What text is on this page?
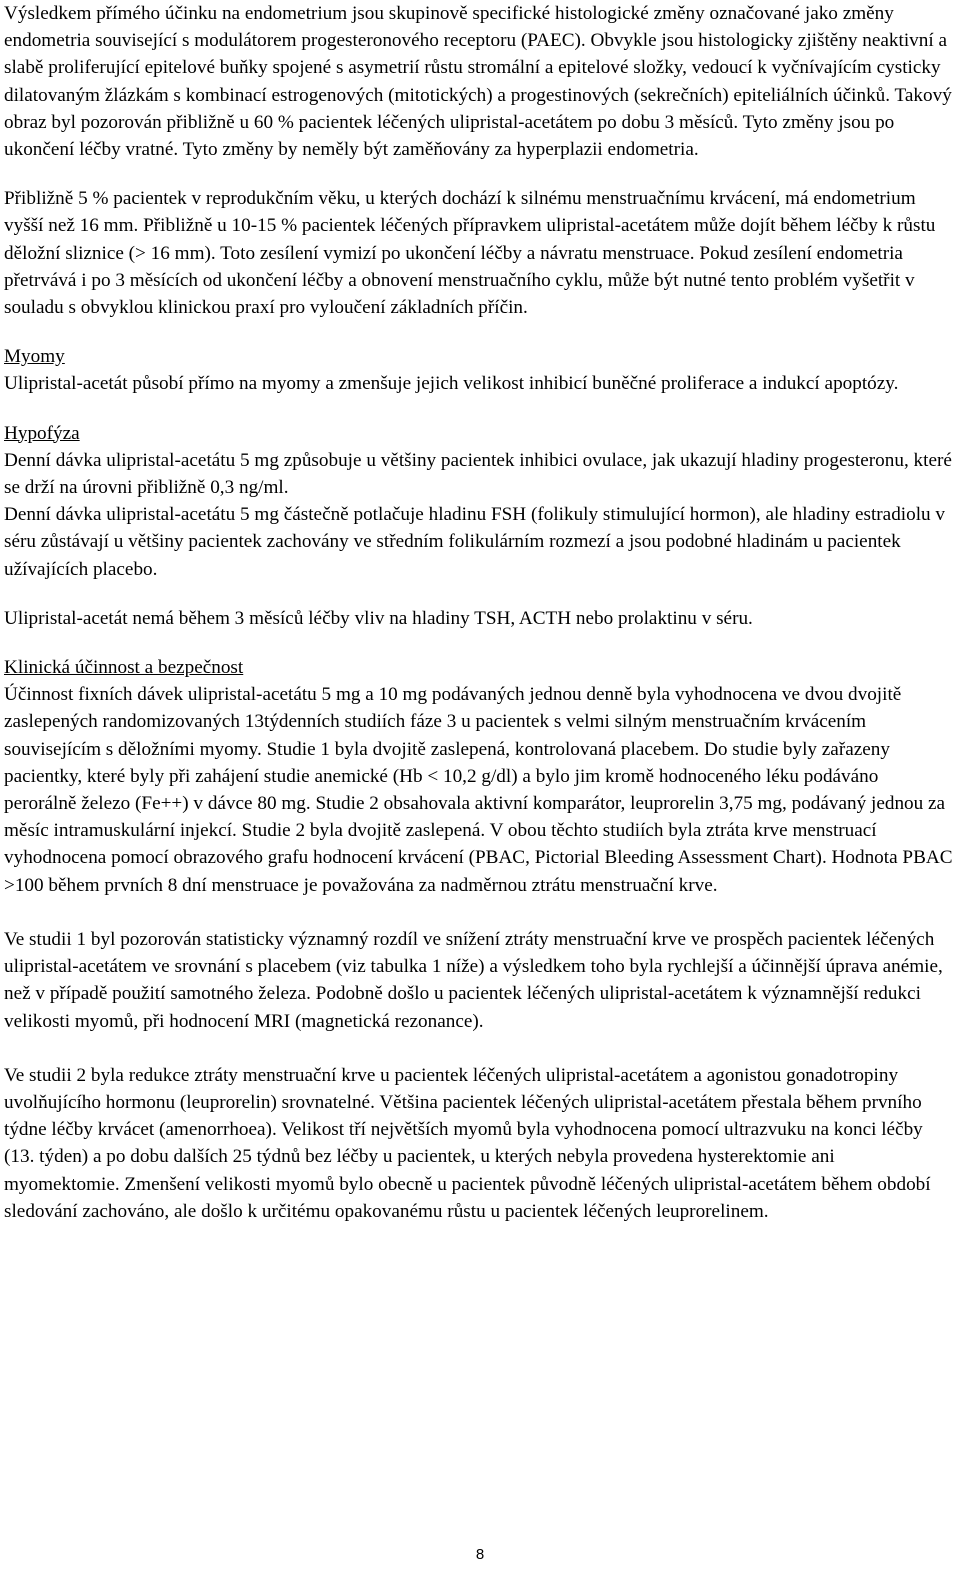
Výsledkem přímého účinku na endometrium jsou skupinově specifické histologické změny označované jako změny endometria související s modulátorem progesteronového receptoru (PAEC). Obvykle jsou histologicky zjištěny neaktivní a slabě proliferující epitelové buňky spojené s asymetrií růstu stromální a epitelové složky, vedoucí k vyčnívajícím cysticky dilatovaným žlázkám s kombinací estrogenových (mitotických) a progestinových (sekrečních) epiteliálních účinků. Takový obraz byl pozorován přibližně u 60 % pacientek léčených ulipristal-acetátem po dobu 3 měsíců. Tyto změny jsou po ukončení léčby vratné. Tyto změny by neměly být zaměňovány za hyperplazii endometria.

Přibližně 5 % pacientek v reprodukčním věku, u kterých dochází k silnému menstruačnímu krvácení, má endometrium vyšší než 16 mm. Přibližně u 10-15 % pacientek léčených přípravkem ulipristal-acetátem může dojít během léčby k růstu děložní sliznice (> 16 mm). Toto zesílení vymizí po ukončení léčby a návratu menstruace. Pokud zesílení endometria přetrvává i po 3 měsících od ukončení léčby a obnovení menstruačního cyklu, může být nutné tento problém vyšetřit v souladu s obvyklou klinickou praxí pro vyloučení základních příčin.

Myomy

Ulipristal-acetát působí přímo na myomy a zmenšuje jejich velikost inhibicí buněčné proliferace a indukcí apoptózy.

Hypofýza

Denní dávka ulipristal-acetátu 5 mg způsobuje u většiny pacientek inhibici ovulace, jak ukazují hladiny progesteronu, které se drží na úrovni přibližně 0,3 ng/ml.

Denní dávka ulipristal-acetátu 5 mg částečně potlačuje hladinu FSH (folikuly stimulující hormon), ale hladiny estradiolu v séru zůstávají u většiny pacientek zachovány ve středním folikulárním rozmezí a jsou podobné hladinám u pacientek užívajících placebo.

Ulipristal-acetát nemá během 3 měsíců léčby vliv na hladiny TSH, ACTH nebo prolaktinu v séru.

Klinická účinnost a bezpečnost

Účinnost fixních dávek ulipristal-acetátu 5 mg a 10 mg podávaných jednou denně byla vyhodnocena ve dvou dvojitě zaslepených randomizovaných 13týdenních studiích fáze 3 u pacientek s velmi silným menstruačním krvácením souvisejícím s děložními myomy. Studie 1 byla dvojitě zaslepená, kontrolovaná placebem. Do studie byly zařazeny pacientky, které byly při zahájení studie anemické (Hb < 10,2 g/dl) a bylo jim kromě hodnoceného léku podáváno perorálně železo (Fe++) v dávce 80 mg. Studie 2 obsahovala aktivní komparátor, leuprorelin 3,75 mg, podávaný jednou za měsíc intramuskulární injekcí. Studie 2 byla dvojitě zaslepená. V obou těchto studiích byla ztráta krve menstruací vyhodnocena pomocí obrazového grafu hodnocení krvácení (PBAC, Pictorial Bleeding Assessment Chart). Hodnota PBAC >100 během prvních 8 dní menstruace je považována za nadměrnou ztrátu menstruační krve.

Ve studii 1 byl pozorován statisticky významný rozdíl ve snížení ztráty menstruační krve ve prospěch pacientek léčených ulipristal-acetátem ve srovnání s placebem (viz tabulka 1 níže) a výsledkem toho byla rychlejší a účinnější úprava anémie, než v případě použití samotného železa. Podobně došlo u pacientek léčených ulipristal-acetátem k významnější redukci velikosti myomů, při hodnocení MRI (magnetická rezonance).

Ve studii 2 byla redukce ztráty menstruační krve u pacientek léčených ulipristal-acetátem a agonistou gonadotropiny uvolňujícího hormonu (leuprorelin) srovnatelné. Většina pacientek léčených ulipristal-acetátem přestala během prvního týdne léčby krvácet (amenorrhoea). Velikost tří největších myomů byla vyhodnocena pomocí ultrazvuku na konci léčby (13. týden) a po dobu dalších 25 týdnů bez léčby u pacientek, u kterých nebyla provedena hysterektomie ani myomektomie. Zmenšení velikosti myomů bylo obecně u pacientek původně léčených ulipristal-acetátem během období sledování zachováno, ale došlo k určitému opakovanému růstu u pacientek léčených leuprorelinem.

8
